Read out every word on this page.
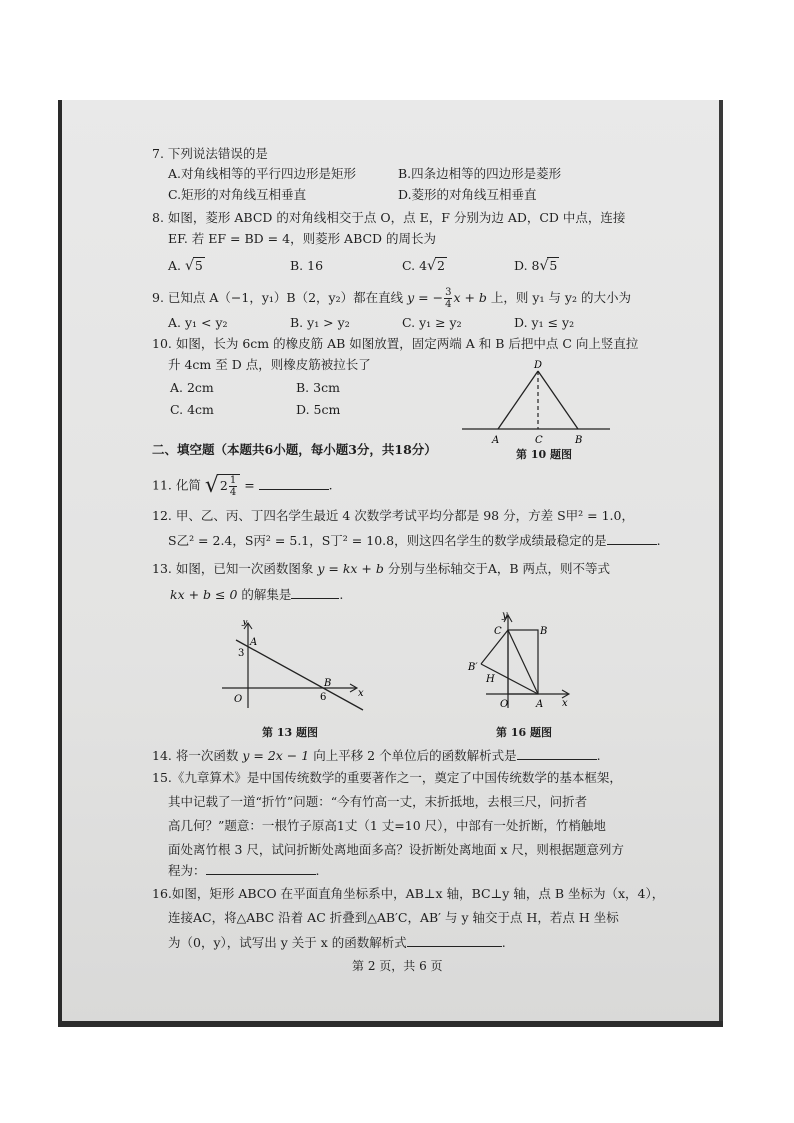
7. 下列说法错误的是
A.对角线相等的平行四边形是矩形	B.四条边相等的四边形是菱形
C.矩形的对角线互相垂直	D.菱形的对角线互相垂直
8. 如图，菱形 ABCD 的对角线相交于点 O，点 E，F 分别为边 AD，CD 中点，连接
EF. 若 EF = BD = 4，则菱形 ABCD 的周长为
A. √5	B. 16	C. 4√2	D. 8√5
9. 已知点 A（−1，y₁）B（2，y₂）都在直线 y = − $\frac{3}{4}$ x + b 上，则 y₁ 与 y₂ 的大小为
A. y₁ < y₂	B. y₁ > y₂	C. y₁ ≥ y₂	D. y₁ ≤ y₂
10. 如图，长为 6cm 的橡皮筋 AB 如图放置，固定两端 A 和 B 后把中点 C 向上竖直拉
升 4cm 至 D 点，则橡皮筋被拉长了
A. 2cm	B. 3cm
C. 4cm	D. 5cm
A	C	B
D
第 10 题图
二、填空题（本题共6小题，每小题3分，共18分）
11. 化简 $√2 \frac{1}{4}$ =	.
12. 甲、乙、丙、丁四名学生最近 4 次数学考试平均分都是 98 分，方差 S甲² = 1.0，
S乙² = 2.4，S丙² = 5.1，S丁² = 10.8，则这四名学生的数学成绩最稳定的是	.
13. 如图，已知一次函数图象 y = kx + b 分别与坐标轴交于A，B 两点，则不等式
kx + b ≤ 0 的解集是	.
y
x
O
A
3
B
6
第 13 题图
y
x
C	B
B′
H
O	A
第 16 题图
14. 将一次函数 y = 2x − 1 向上平移 2 个单位后的函数解析式是	.
15.《九章算术》是中国传统数学的重要著作之一，奠定了中国传统数学的基本框架，
其中记载了一道“折竹”问题：“今有竹高一丈，末折抵地，去根三尺，问折者
高几何？”题意：一根竹子原高1丈（1 丈=10 尺），中部有一处折断，竹梢触地
面处离竹根 3 尺，试问折断处离地面多高？设折断处离地面 x 尺，则根据题意列方
程为：	.
16.如图，矩形 ABCO 在平面直角坐标系中，AB⊥x 轴，BC⊥y 轴，点 B 坐标为（x，4），
连接AC，将△ABC 沿着 AC 折叠到△AB′C，AB′ 与 y 轴交于点 H，若点 H 坐标
为（0，y），试写出 y 关于 x 的函数解析式	.
第 2 页，共 6 页
